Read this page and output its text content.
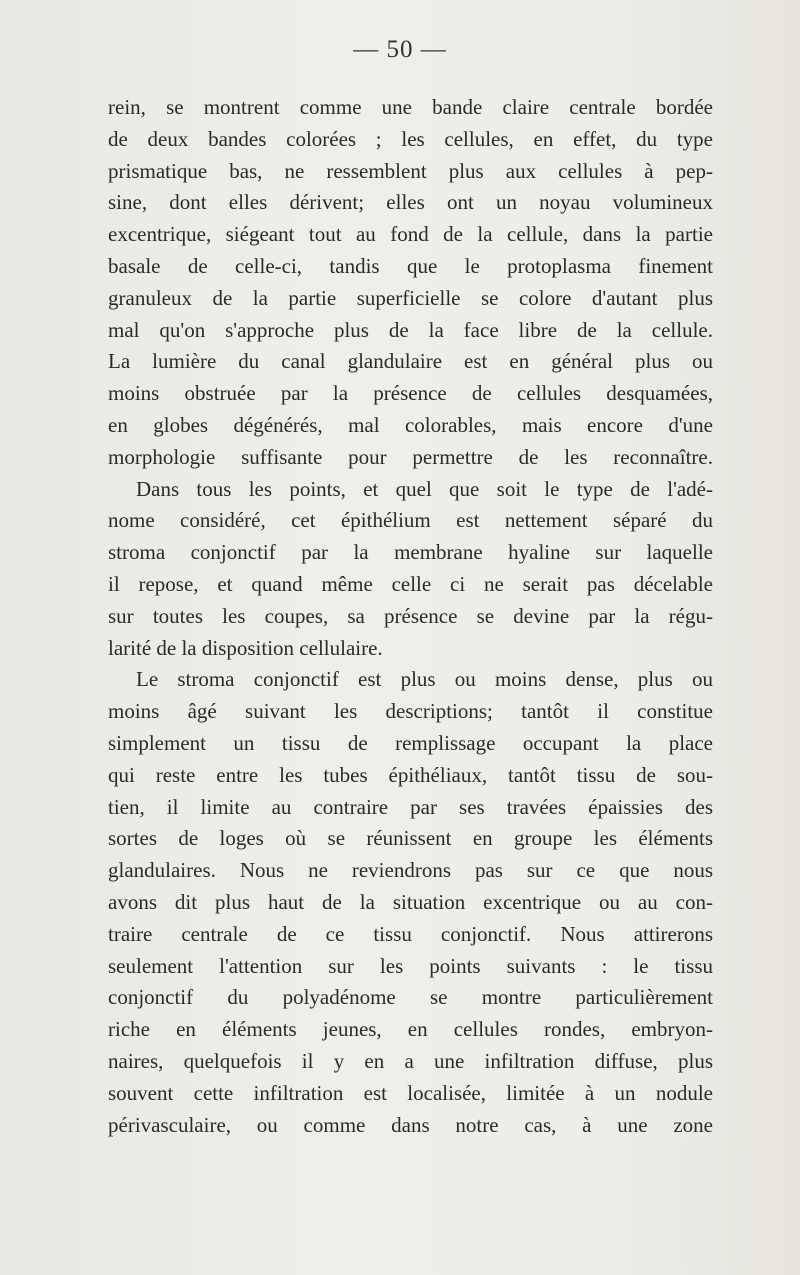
— 50 —
rein, se montrent comme une bande claire centrale bordée
de deux bandes colorées ; les cellules, en effet, du type
prismatique bas, ne ressemblent plus aux cellules à pep-
sine, dont elles dérivent; elles ont un noyau volumineux
excentrique, siégeant tout au fond de la cellule, dans la partie
basale de celle-ci, tandis que le protoplasma finement
granuleux de la partie superficielle se colore d'autant plus
mal qu'on s'approche plus de la face libre de la cellule.
La lumière du canal glandulaire est en général plus ou
moins obstruée par la présence de cellules desquamées,
en globes dégénérés, mal colorables, mais encore d'une
morphologie suffisante pour permettre de les reconnaître.
Dans tous les points, et quel que soit le type de l'adé-
nome considéré, cet épithélium est nettement séparé du
stroma conjonctif par la membrane hyaline sur laquelle
il repose, et quand même celle ci ne serait pas décelable
sur toutes les coupes, sa présence se devine par la régu-
larité de la disposition cellulaire.
Le stroma conjonctif est plus ou moins dense, plus ou
moins âgé suivant les descriptions; tantôt il constitue
simplement un tissu de remplissage occupant la place
qui reste entre les tubes épithéliaux, tantôt tissu de sou-
tien, il limite au contraire par ses travées épaissies des
sortes de loges où se réunissent en groupe les éléments
glandulaires. Nous ne reviendrons pas sur ce que nous
avons dit plus haut de la situation excentrique ou au con-
traire centrale de ce tissu conjonctif. Nous attirerons
seulement l'attention sur les points suivants : le tissu
conjonctif du polyadénome se montre particulièrement
riche en éléments jeunes, en cellules rondes, embryon-
naires, quelquefois il y en a une infiltration diffuse, plus
souvent cette infiltration est localisée, limitée à un nodule
périvasculaire, ou comme dans notre cas, à une zone
